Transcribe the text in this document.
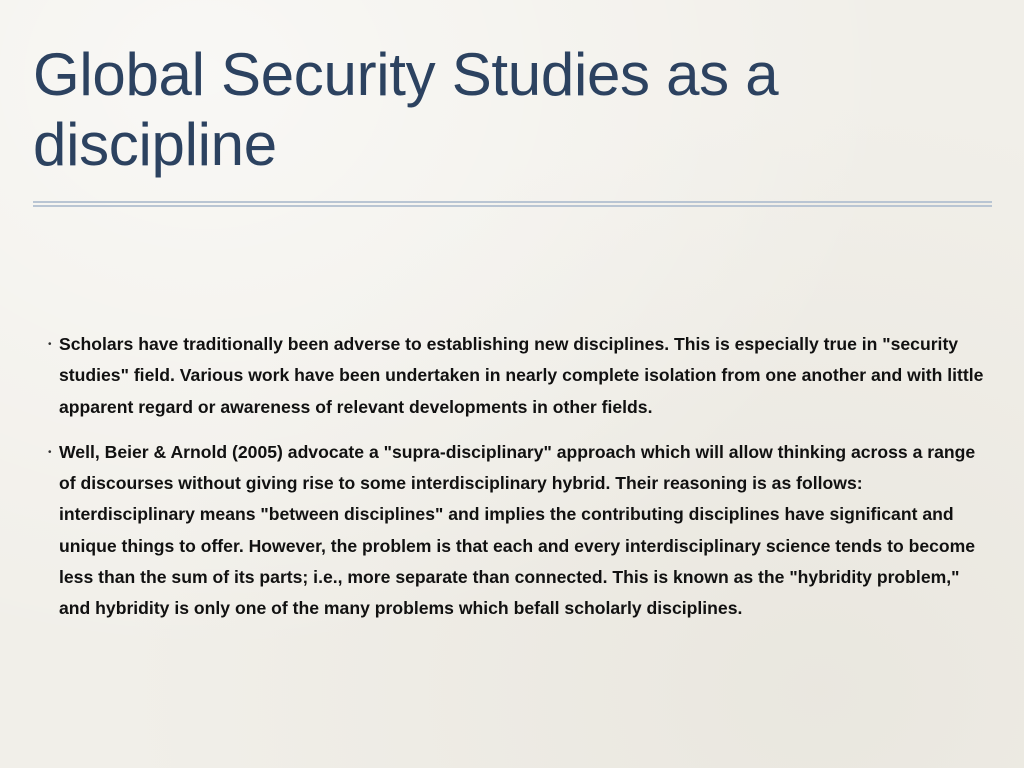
Global Security Studies as a discipline
• Scholars have traditionally been adverse to establishing new disciplines. This is especially true in "security studies" field. Various work have been undertaken in nearly complete isolation from one another and with little apparent regard or awareness of relevant developments in other fields.
• Well, Beier & Arnold (2005) advocate a "supra-disciplinary" approach which will allow thinking across a range of discourses without giving rise to some interdisciplinary hybrid. Their reasoning is as follows: interdisciplinary means "between disciplines" and implies the contributing disciplines have significant and unique things to offer. However, the problem is that each and every interdisciplinary science tends to become less than the sum of its parts; i.e., more separate than connected. This is known as the "hybridity problem," and hybridity is only one of the many problems which befall scholarly disciplines.
